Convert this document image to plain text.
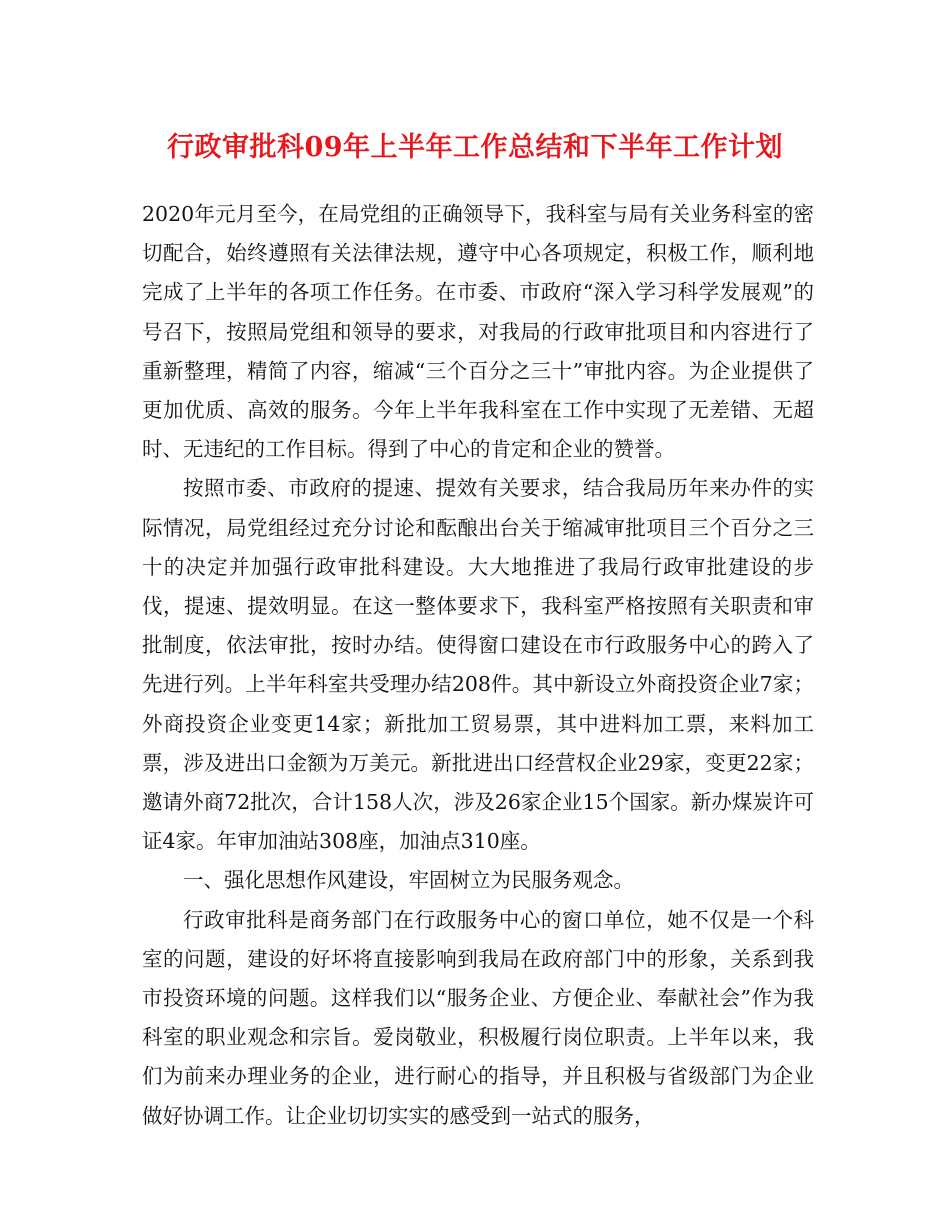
行政审批科09年上半年工作总结和下半年工作计划

2020年元月至今，在局党组的正确领导下，我科室与局有关业务科室的密切配合，始终遵照有关法律法规，遵守中心各项规定，积极工作，顺利地完成了上半年的各项工作任务。在市委、市政府“深入学习科学发展观”的号召下，按照局党组和领导的要求，对我局的行政审批项目和内容进行了重新整理，精简了内容，缩减“三个百分之三十”审批内容。为企业提供了更加优质、高效的服务。今年上半年我科室在工作中实现了无差错、无超时、无违纪的工作目标。得到了中心的肯定和企业的赞誉。

按照市委、市政府的提速、提效有关要求，结合我局历年来办件的实际情况，局党组经过充分讨论和酝酿出台关于缩减审批项目三个百分之三十的决定并加强行政审批科建设。大大地推进了我局行政审批建设的步伐，提速、提效明显。在这一整体要求下，我科室严格按照有关职责和审批制度，依法审批，按时办结。使得窗口建设在市行政服务中心的跨入了先进行列。上半年科室共受理办结208件。其中新设立外商投资企业7家；外商投资企业变更14家；新批加工贸易票，其中进料加工票，来料加工票，涉及进出口金额为万美元。新批进出口经营权企业29家，变更22家；邀请外商72批次，合计158人次，涉及26家企业15个国家。新办煤炭许可证4家。年审加油站308座，加油点310座。

一、强化思想作风建设，牢固树立为民服务观念。

行政审批科是商务部门在行政服务中心的窗口单位，她不仅是一个科室的问题，建设的好坏将直接影响到我局在政府部门中的形象，关系到我市投资环境的问题。这样我们以“服务企业、方便企业、奉献社会”作为我科室的职业观念和宗旨。爱岗敬业，积极履行岗位职责。上半年以来，我们为前来办理业务的企业，进行耐心的指导，并且积极与省级部门为企业做好协调工作。让企业切切实实的感受到一站式的服务，
